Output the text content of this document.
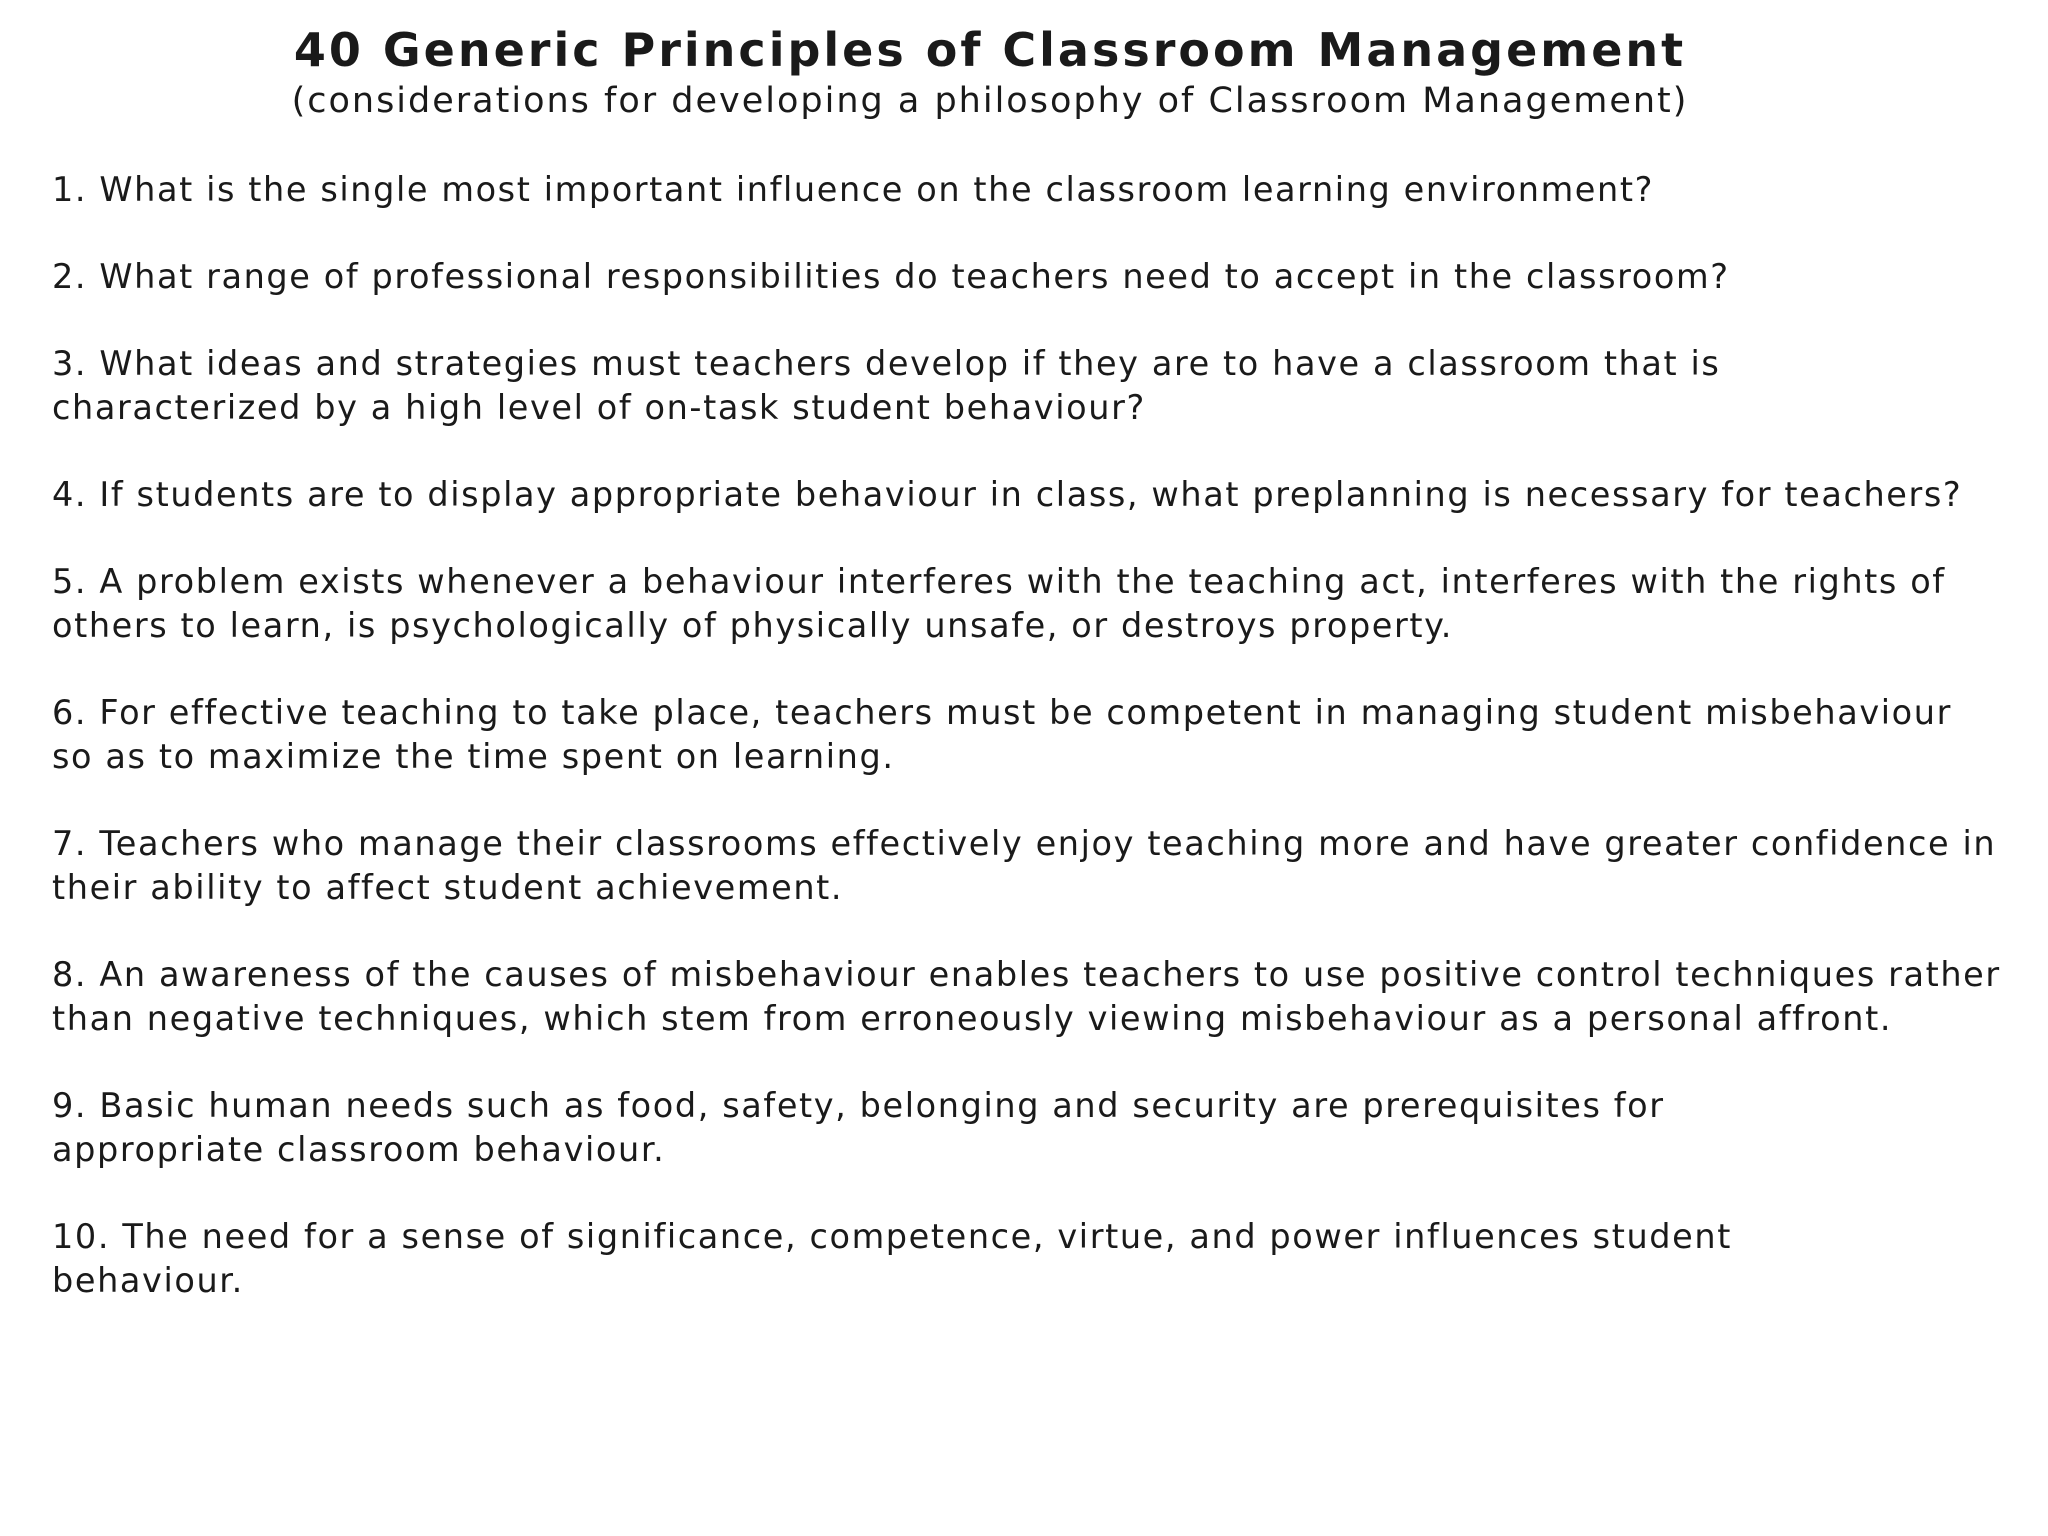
40 Generic Principles of Classroom Management
(considerations for developing a philosophy of Classroom Management)
1. What is the single most important influence on the classroom learning environment?
2. What range of professional responsibilities do teachers need to accept in the classroom?
3. What ideas and strategies must teachers develop if they are to have a classroom that is characterized by a high level of on-task student behaviour?
4. If students are to display appropriate behaviour in class, what preplanning is necessary for teachers?
5. A problem exists whenever a behaviour interferes with the teaching act, interferes with the rights of others to learn, is psychologically of physically unsafe, or destroys property.
6. For effective teaching to take place, teachers must be competent in managing student misbehaviour so as to maximize the time spent on learning.
7. Teachers who manage their classrooms effectively enjoy teaching more and have greater confidence in their ability to affect student achievement.
8. An awareness of the causes of misbehaviour enables teachers to use positive control techniques rather than negative techniques, which stem from erroneously viewing misbehaviour as a personal affront.
9. Basic human needs such as food, safety, belonging and security are prerequisites for appropriate classroom behaviour.
10. The need for a sense of significance, competence, virtue, and power influences student behaviour.
